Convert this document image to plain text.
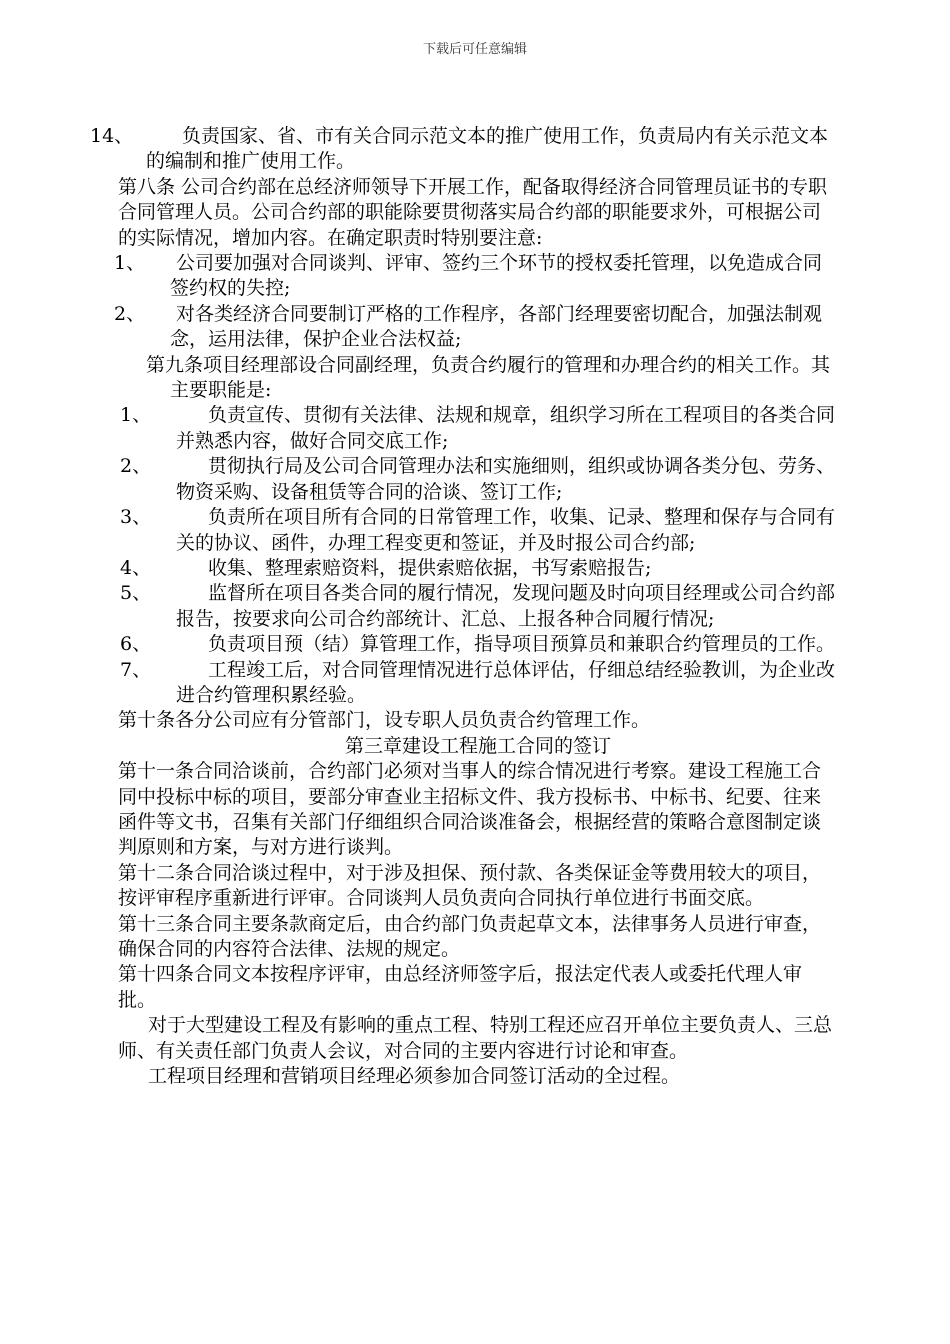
下载后可任意编辑

14、	负责国家、省、市有关合同示范文本的推广使用工作，负责局内有关示范文本的编制和推广使用工作。

第八条 公司合约部在总经济师领导下开展工作，配备取得经济合同管理员证书的专职合同管理人员。公司合约部的职能除要贯彻落实局合约部的职能要求外，可根据公司的实际情况，增加内容。在确定职责时特别要注意:

1、 公司要加强对合同谈判、评审、签约三个环节的授权委托管理，以免造成合同签约权的失控;

2、 对各类经济合同要制订严格的工作程序，各部门经理要密切配合，加强法制观念，运用法律，保护企业合法权益;

第九条项目经理部设合同副经理，负责合约履行的管理和办理合约的相关工作。其主要职能是:

1、	负责宣传、贯彻有关法律、法规和规章，组织学习所在工程项目的各类合同并熟悉内容，做好合同交底工作;

2、	贯彻执行局及公司合同管理办法和实施细则，组织或协调各类分包、劳务、物资采购、设备租赁等合同的洽谈、签订工作;

3、	负责所在项目所有合同的日常管理工作，收集、记录、整理和保存与合同有关的协议、函件，办理工程变更和签证，并及时报公司合约部;

4、	收集、整理索赔资料，提供索赔依据，书写索赔报告;

5、	监督所在项目各类合同的履行情况，发现问题及时向项目经理或公司合约部报告，按要求向公司合约部统计、汇总、上报各种合同履行情况;

6、	负责项目预（结）算管理工作，指导项目预算员和兼职合约管理员的工作。

7、	工程竣工后，对合同管理情况进行总体评估，仔细总结经验教训，为企业改进合约管理积累经验。

第十条各分公司应有分管部门，设专职人员负责合约管理工作。

第三章建设工程施工合同的签订

第十一条合同洽谈前，合约部门必须对当事人的综合情况进行考察。建设工程施工合同中投标中标的项目，要部分审查业主招标文件、我方投标书、中标书、纪要、往来函件等文书，召集有关部门仔细组织合同洽谈准备会，根据经营的策略合意图制定谈判原则和方案，与对方进行谈判。

第十二条合同洽谈过程中，对于涉及担保、预付款、各类保证金等费用较大的项目，按评审程序重新进行评审。合同谈判人员负责向合同执行单位进行书面交底。

第十三条合同主要条款商定后，由合约部门负责起草文本，法律事务人员进行审查，确保合同的内容符合法律、法规的规定。

第十四条合同文本按程序评审，由总经济师签字后，报法定代表人或委托代理人审批。

对于大型建设工程及有影响的重点工程、特别工程还应召开单位主要负责人、三总师、有关责任部门负责人会议，对合同的主要内容进行讨论和审查。

工程项目经理和营销项目经理必须参加合同签订活动的全过程。
